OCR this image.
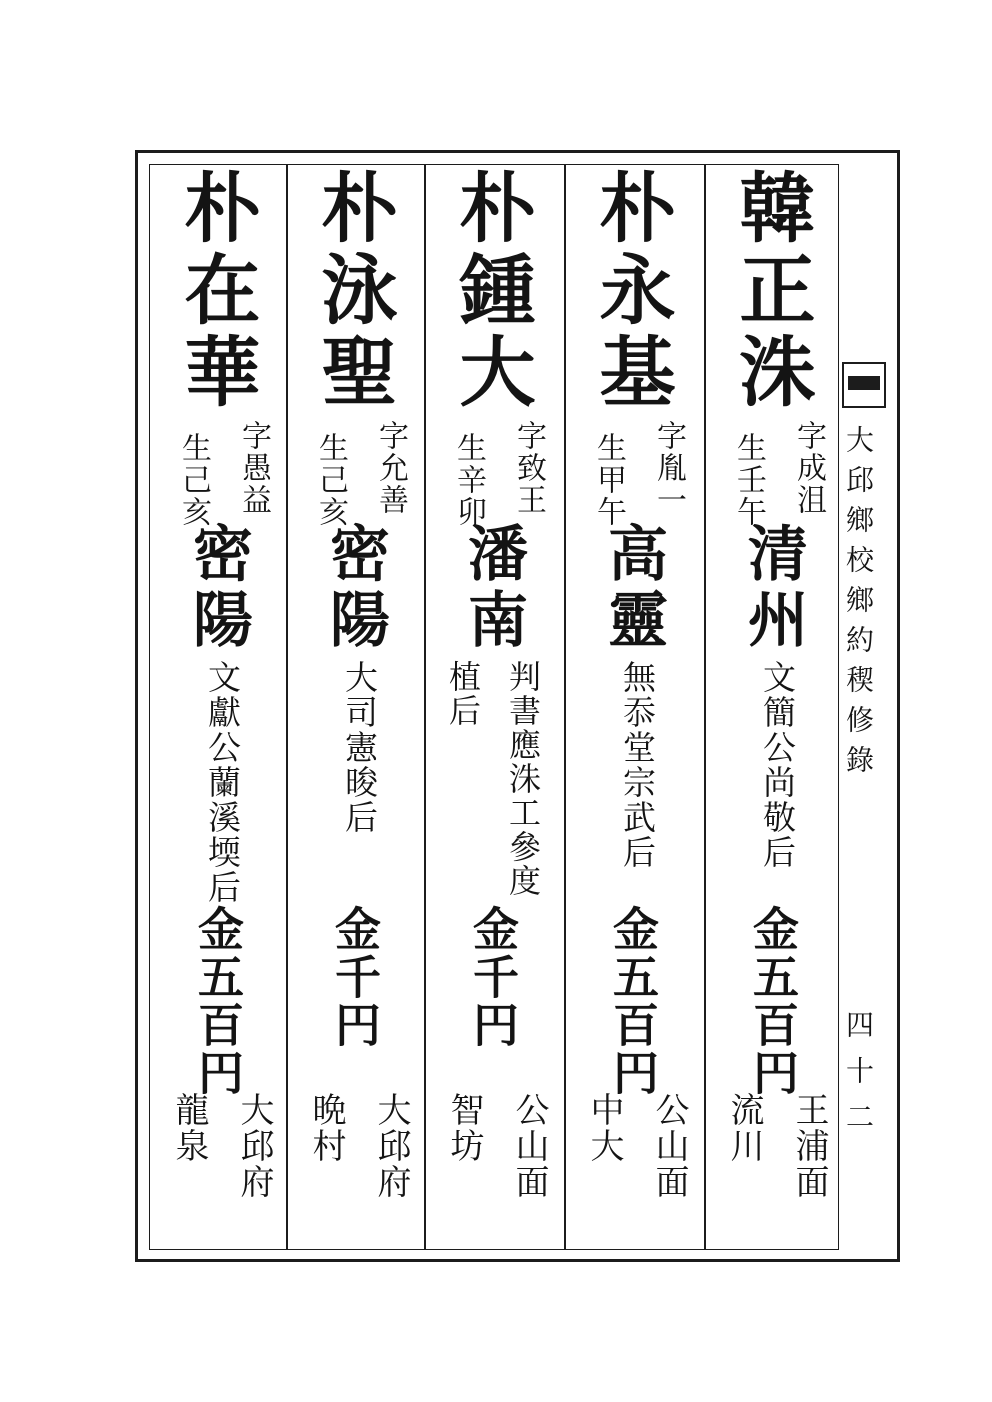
韓正洙
字成沮
生壬午
清州
文簡公尚敬后
金五百円
王浦面
流川
朴永基
字胤一
生甲午
高靈
無忝堂宗武后
金五百円
公山面
中大
朴鍾大
字致王
生辛卯
潘南
判書應洙工參度
植后
金千円
公山面
智坊
朴泳聖
字允善
生己亥
密陽
大司憲晙后
金千円
大邱府
晩村
朴在華
字愚益
生己亥
密陽
文獻公蘭溪堧后
金五百円
大邱府
龍泉
大邱鄉校鄉約稧修錄
四十二
